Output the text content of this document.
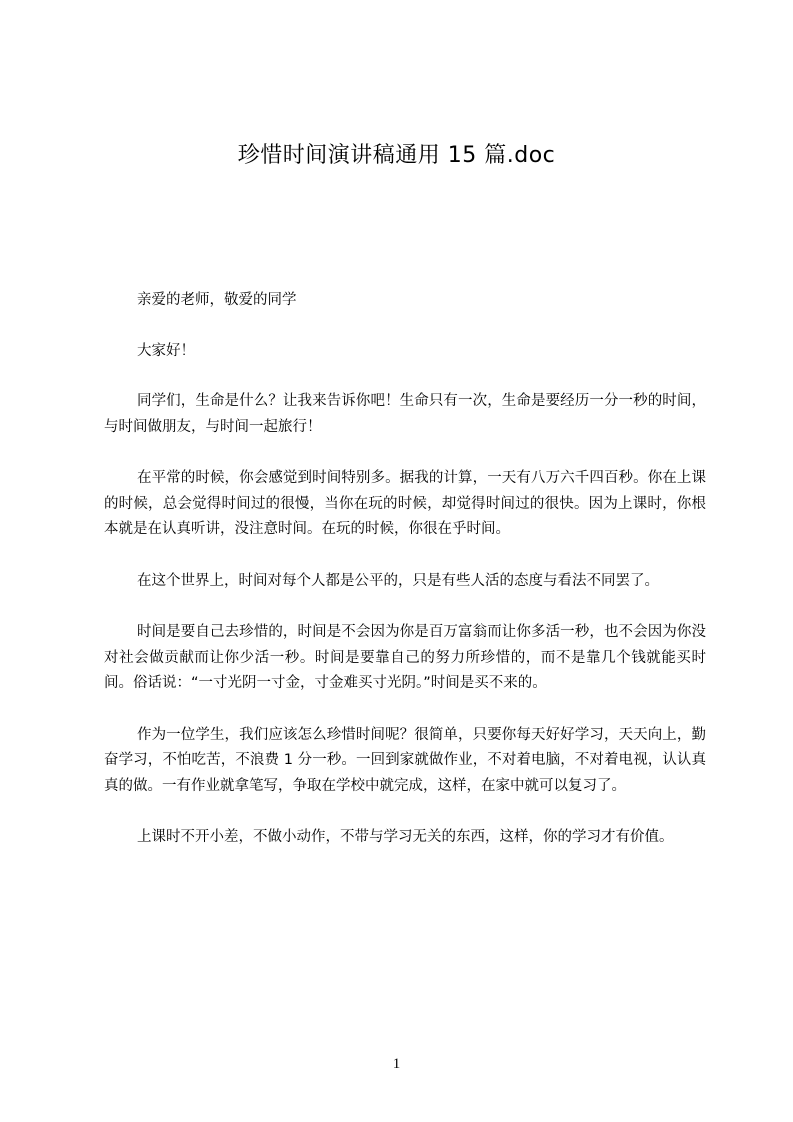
珍惜时间演讲稿通用 15 篇.doc

亲爱的老师，敬爱的同学

大家好！

同学们，生命是什么？让我来告诉你吧！生命只有一次，生命是要经历一分一秒的时间，与时间做朋友，与时间一起旅行！

在平常的时候，你会感觉到时间特别多。据我的计算，一天有八万六千四百秒。你在上课的时候，总会觉得时间过的很慢，当你在玩的时候，却觉得时间过的很快。因为上课时，你根本就是在认真听讲，没注意时间。在玩的时候，你很在乎时间。

在这个世界上，时间对每个人都是公平的，只是有些人活的态度与看法不同罢了。

时间是要自己去珍惜的，时间是不会因为你是百万富翁而让你多活一秒，也不会因为你没对社会做贡献而让你少活一秒。时间是要靠自己的努力所珍惜的，而不是靠几个钱就能买时间。俗话说：“一寸光阴一寸金，寸金难买寸光阴。”时间是买不来的。

作为一位学生，我们应该怎么珍惜时间呢？很简单，只要你每天好好学习，天天向上，勤奋学习，不怕吃苦，不浪费 1 分一秒。一回到家就做作业，不对着电脑，不对着电视，认认真真的做。一有作业就拿笔写，争取在学校中就完成，这样，在家中就可以复习了。

上课时不开小差，不做小动作，不带与学习无关的东西，这样，你的学习才有价值。

1
